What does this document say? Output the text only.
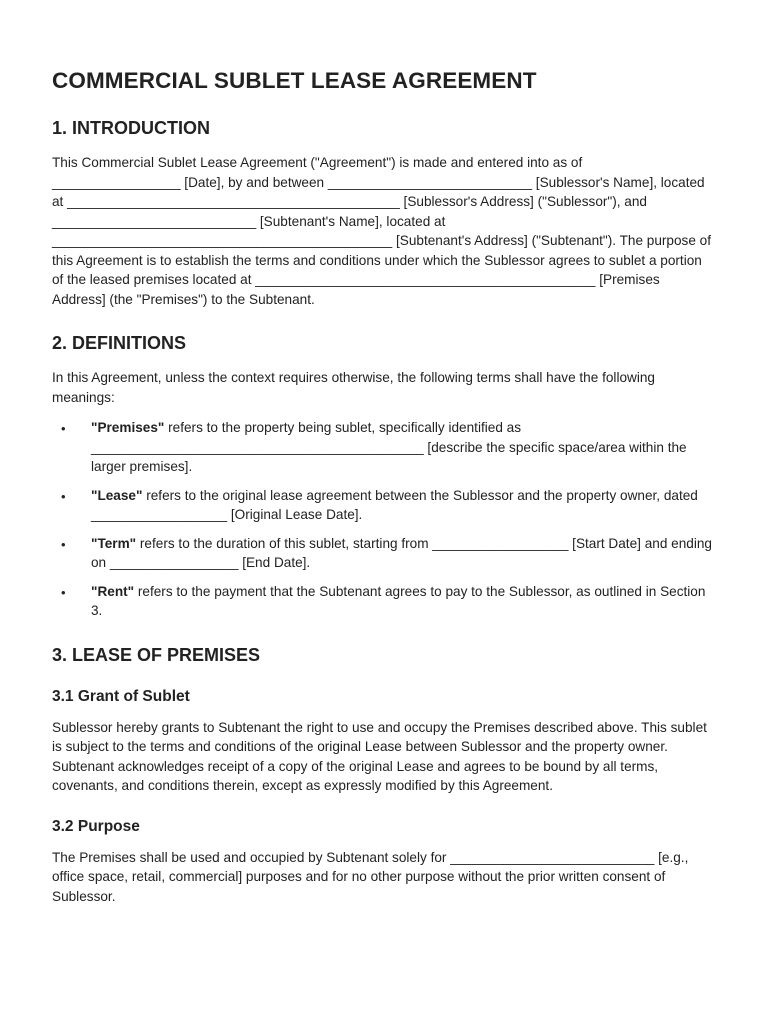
COMMERCIAL SUBLET LEASE AGREEMENT
1. INTRODUCTION

This Commercial Sublet Lease Agreement ("Agreement") is made and entered into as of _________________ [Date], by and between ___________________________ [Sublessor's Name], located at ____________________________________________ [Sublessor's Address] ("Sublessor"), and ___________________________ [Subtenant's Name], located at _____________________________________________ [Subtenant's Address] ("Subtenant"). The purpose of this Agreement is to establish the terms and conditions under which the Sublessor agrees to sublet a portion of the leased premises located at _____________________________________________ [Premises Address] (the "Premises") to the Subtenant.

2. DEFINITIONS

In this Agreement, unless the context requires otherwise, the following terms shall have the following meanings:

• "Premises" refers to the property being sublet, specifically identified as ____________________________________________ [describe the specific space/area within the larger premises].
• "Lease" refers to the original lease agreement between the Sublessor and the property owner, dated __________________ [Original Lease Date].
• "Term" refers to the duration of this sublet, starting from __________________ [Start Date] and ending on _________________ [End Date].
• "Rent" refers to the payment that the Subtenant agrees to pay to the Sublessor, as outlined in Section 3.
3. LEASE OF PREMISES
3.1 Grant of Sublet

Sublessor hereby grants to Subtenant the right to use and occupy the Premises described above. This sublet is subject to the terms and conditions of the original Lease between Sublessor and the property owner. Subtenant acknowledges receipt of a copy of the original Lease and agrees to be bound by all terms, covenants, and conditions therein, except as expressly modified by this Agreement.

3.2 Purpose

The Premises shall be used and occupied by Subtenant solely for ___________________________ [e.g., office space, retail, commercial] purposes and for no other purpose without the prior written consent of Sublessor.
